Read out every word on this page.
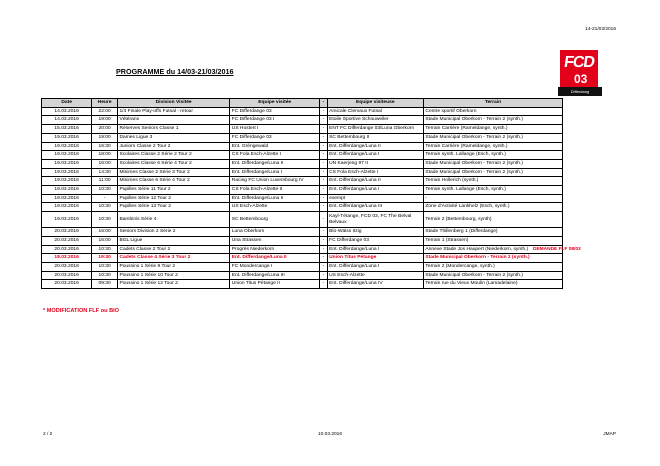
14-21/03/2016
FCD
03
Differdang
PROGRAMME du 14/03-21/03/2016
Date	Heure	Division Visitée	Equipe visitée	-	Equipe visiteuse	Terrain
14.03.2016	22:00	1/4 Finale Play-offs Futsal - retour	FC Differdange 03	-	Amicale Clervaux Futsal	Centre sportif Oberkorn
14.03.2016	19:00	Vétérans	FC Differdange 03 I	-	Etoile Sportive Schouweiler	Stade Municipal Oberkorn - Terrain 2 (synth.)
15.03.2016	20:00	Réserves Seniors Classe 1	US Hostert I	-	ENT FC Differdange 03/Luna Oberkorn	Terrain Carrière (Rameldange, synth.)
19.03.2016	19:00	Dames Ligue 3	FC Differdange 03	-	SC Bettembourg II	Stade Municipal Oberkorn - Terrain 2 (synth.)
19.03.2016	16:30	Juniors Classe 2 Tour 2	Ent. Gréngewald	-	Ent. Differdange/Luna II	Terrain Carrière (Rameldange, synth.)
19.03.2016	18:00	Scolaires Classe 2 Série 2 Tour 2	CS Fola Esch-Alzette I	-	Ent. Differdange/Luna I	Terrain synth. Lallange (Esch, synth.)
19.03.2016	16:00	Scolaires Classe 6 Série 4 Tour 2	Ent. Differdange/Luna II	-	UN Kaerjeng 97 II	Stade Municipal Oberkorn - Terrain 2 (synth.)
19.03.2016	14:30	Minimes Classe 2 Série 3 Tour 2	Ent. Differdange/Luna I	-	CS Fola Esch-Alzette I	Stade Municipal Oberkorn - Terrain 2 (synth.)
19.03.2016	11:00	Minimes Classe 6 Série 4 Tour 2	Racing FC Union Luxembourg IV	-	Ent. Differdange/Luna II	Terrain Hollerich (synth.)
19.03.2016	10:30	Pupilles Série 11 Tour 2	CS Fola Esch-Alzette II	-	Ent. Differdange/Luna I	Terrain synth. Lallange (Esch, synth.)
19.03.2016	-	Pupilles Série 12 Tour 2	Ent. Differdange/Luna II	-	exempt	-
19.03.2016	10:30	Pupilles Série 13 Tour 2	US Esch-Alzette	-	Ent. Differdange/Luna III	Zone d'Activité Lankhelz (Esch, synth.)
19.03.2016	10:30	Bambinis Série 4	SC Bettembourg	-	Kayl-Tétange, FCD 03, FC The Belval Belvaux	Terrain 2 (Bettembourg, synth)
20.03.2016	16:00	Seniors Division 2 Série 2	Luna Oberkorn	-	Blo-Wäiss Itzig	Stade Thillenberg 1 (Differdange)
20.03.2016	16:00	BGL Ligue	Una Strassen	-	FC Differdange 03	Terrain 1 (Strassen)
20.03.2016	10:30	Cadets Classe 2 Tour 2	Progrès Niederkorn	-	Ent. Differdange/Luna I	Annexe Stade Jos Haupert (Niederkorn, synth.)
18.03.2016	19:30	Cadets Classe 4 Série 3 Tour 2	Ent. Differdange/Luna II	-	Union Titus Pétange	Stade Municipal Oberkorn - Terrain 2 (synth.)
20.03.2016	10:30	Poussins 1 Série 9 Tour 2	FC Mondercange I	-	Ent. Differdange/Luna I	Terrain 2 (Mondercange, synth.)
20.03.2016	10:30	Poussins 1 Série 10 Tour 2	Ent. Differdange/Luna III	-	US Esch-Alzette	Stade Municipal Oberkorn - Terrain 2 (synth.)
20.03.2016	09:30	Poussins 1 Série 12 Tour 2	Union Titus Pétange II	-	Ent. Differdange/Luna IV	Terrain rue du Vieux Moulin (Lamadelaine)
DEMANDE FLF 08/03
* MODIFICATION FLF ou BIO
2 / 2	10.03.2016	JMAP
